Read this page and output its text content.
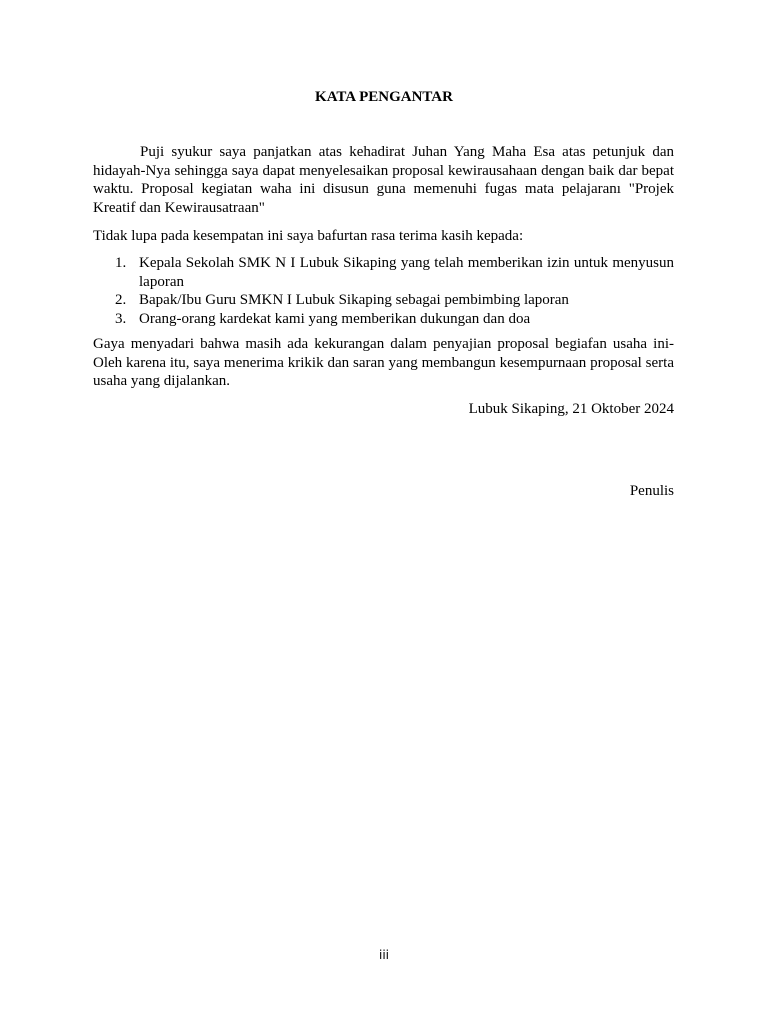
KATA PENGANTAR
Puji syukur saya panjatkan atas kehadirat Juhan Yang Maha Esa atas petunjuk dan hidayah-Nya sehingga saya dapat menyelesaikan proposal kewirausahaan dengan baik dar bepat waktu. Proposal kegiatan waha ini disusun guna memenuhi fugas mata pelajaranı "Projek Kreatif dan Kewirausatraan"
Tidak lupa pada kesempatan ini saya bafurtan rasa terima kasih kepada:
1. Kepala Sekolah SMK N I Lubuk Sikaping yang telah memberikan izin untuk menyusun laporan
2. Bapak/Ibu Guru SMKN I Lubuk Sikaping sebagai pembimbing laporan
3. Orang-orang kardekat kami yang memberikan dukungan dan doa
Gaya menyadari bahwa masih ada kekurangan dalam penyajian proposal begiafan usaha ini-Oleh karena itu, saya menerima krikik dan saran yang membangun kesempurnaan proposal serta usaha yang dijalankan.
Lubuk Sikaping, 21 Oktober 2024
Penulis
iii
